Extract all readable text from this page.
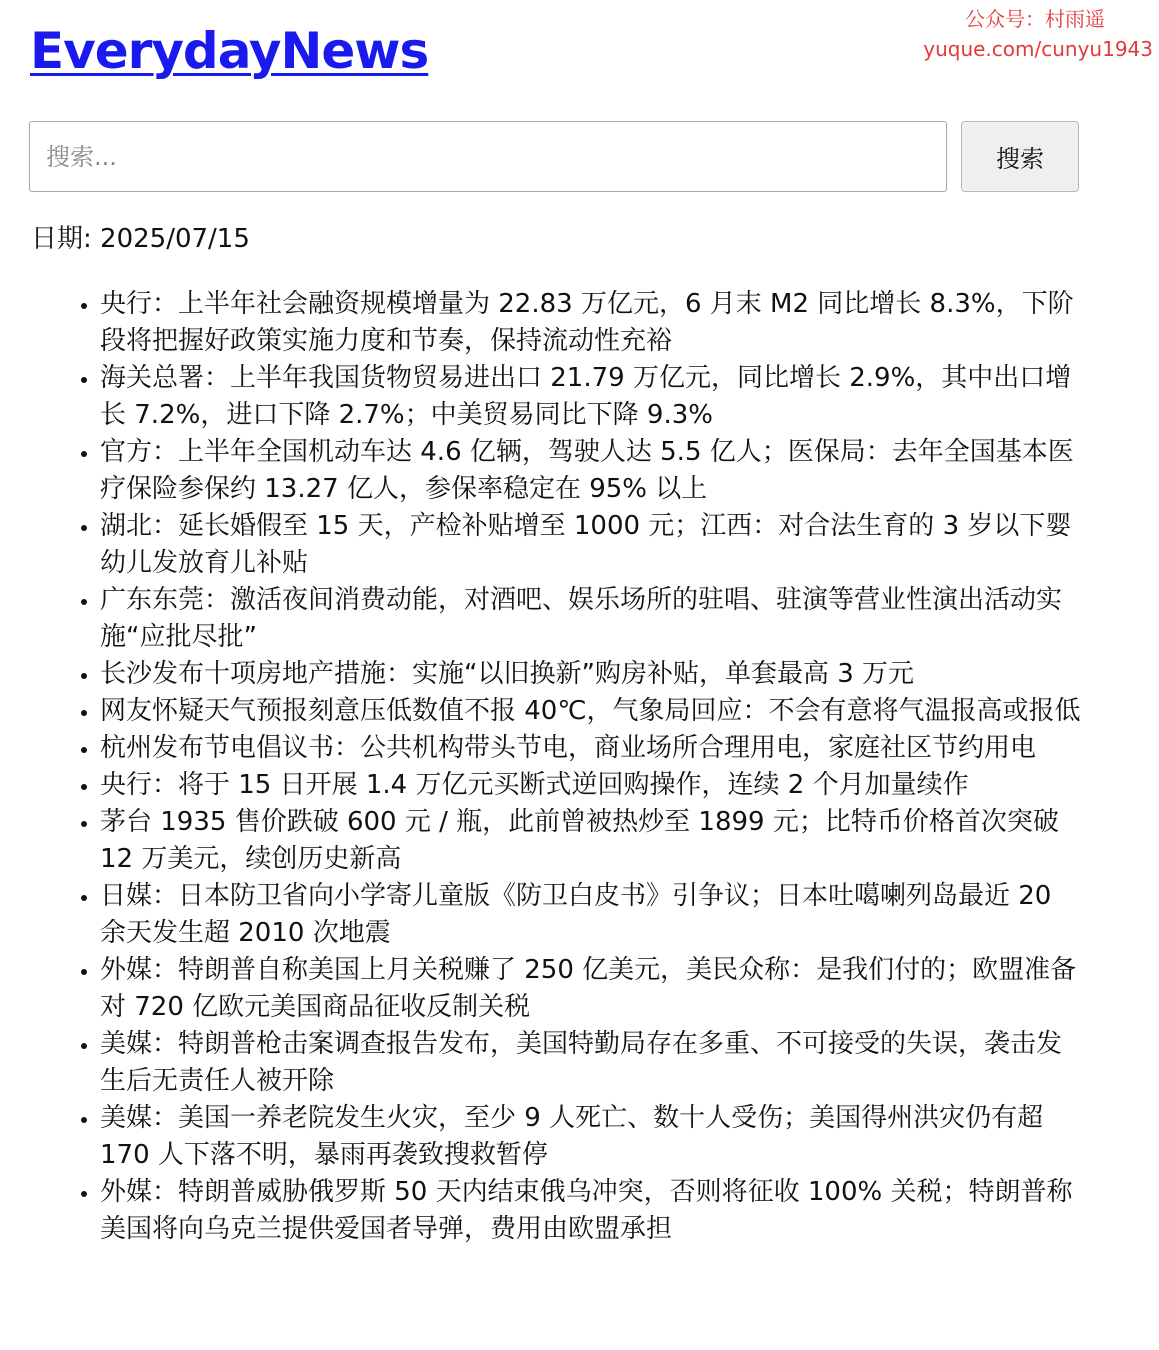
公众号：村雨遥
yuque.com/cunyu1943
EverydayNews
搜索...
搜索
日期: 2025/07/15
• 央行：上半年社会融资规模增量为 22.83 万亿元，6 月末 M2 同比增长 8.3%，下阶段将把握好政策实施力度和节奏，保持流动性充裕
• 海关总署：上半年我国货物贸易进出口 21.79 万亿元，同比增长 2.9%，其中出口增长 7.2%，进口下降 2.7%；中美贸易同比下降 9.3%
• 官方：上半年全国机动车达 4.6 亿辆，驾驶人达 5.5 亿人；医保局：去年全国基本医疗保险参保约 13.27 亿人，参保率稳定在 95% 以上
• 湖北：延长婚假至 15 天，产检补贴增至 1000 元；江西：对合法生育的 3 岁以下婴幼儿发放育儿补贴
• 广东东莞：激活夜间消费动能，对酒吧、娱乐场所的驻唱、驻演等营业性演出活动实施“应批尽批”
• 长沙发布十项房地产措施：实施“以旧换新”购房补贴，单套最高 3 万元
• 网友怀疑天气预报刻意压低数值不报 40℃，气象局回应：不会有意将气温报高或报低
• 杭州发布节电倡议书：公共机构带头节电，商业场所合理用电，家庭社区节约用电
• 央行：将于 15 日开展 1.4 万亿元买断式逆回购操作，连续 2 个月加量续作
• 茅台 1935 售价跌破 600 元 / 瓶，此前曾被热炒至 1899 元；比特币价格首次突破 12 万美元，续创历史新高
• 日媒：日本防卫省向小学寄儿童版《防卫白皮书》引争议；日本吐噶喇列岛最近 20 余天发生超 2010 次地震
• 外媒：特朗普自称美国上月关税赚了 250 亿美元，美民众称：是我们付的；欧盟准备对 720 亿欧元美国商品征收反制关税
• 美媒：特朗普枪击案调查报告发布，美国特勤局存在多重、不可接受的失误，袭击发生后无责任人被开除
• 美媒：美国一养老院发生火灾，至少 9 人死亡、数十人受伤；美国得州洪灾仍有超 170 人下落不明，暴雨再袭致搜救暂停
• 外媒：特朗普威胁俄罗斯 50 天内结束俄乌冲突，否则将征收 100% 关税；特朗普称美国将向乌克兰提供爱国者导弹，费用由欧盟承担
